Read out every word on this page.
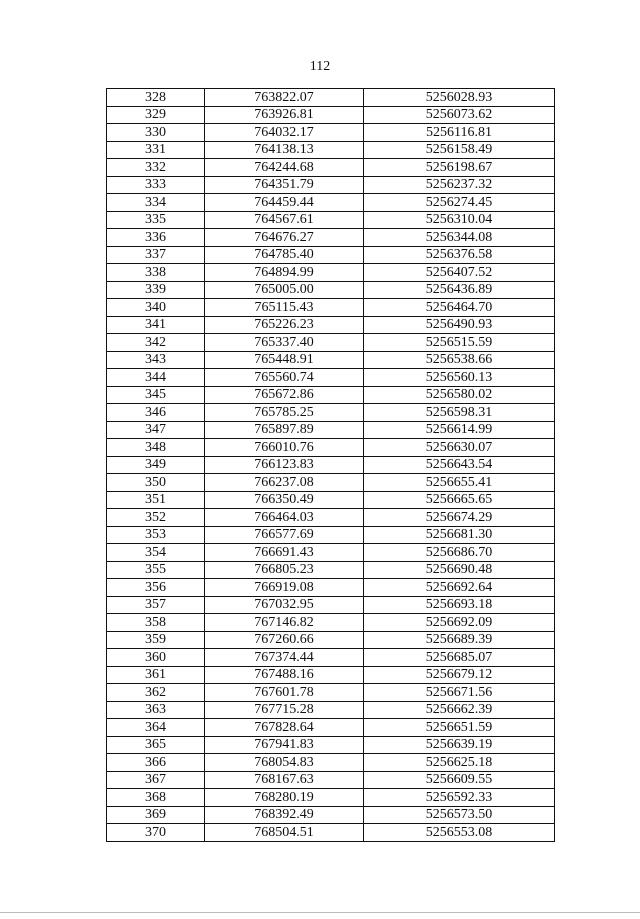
112
328	763822.07	5256028.93
329	763926.81	5256073.62
330	764032.17	5256116.81
331	764138.13	5256158.49
332	764244.68	5256198.67
333	764351.79	5256237.32
334	764459.44	5256274.45
335	764567.61	5256310.04
336	764676.27	5256344.08
337	764785.40	5256376.58
338	764894.99	5256407.52
339	765005.00	5256436.89
340	765115.43	5256464.70
341	765226.23	5256490.93
342	765337.40	5256515.59
343	765448.91	5256538.66
344	765560.74	5256560.13
345	765672.86	5256580.02
346	765785.25	5256598.31
347	765897.89	5256614.99
348	766010.76	5256630.07
349	766123.83	5256643.54
350	766237.08	5256655.41
351	766350.49	5256665.65
352	766464.03	5256674.29
353	766577.69	5256681.30
354	766691.43	5256686.70
355	766805.23	5256690.48
356	766919.08	5256692.64
357	767032.95	5256693.18
358	767146.82	5256692.09
359	767260.66	5256689.39
360	767374.44	5256685.07
361	767488.16	5256679.12
362	767601.78	5256671.56
363	767715.28	5256662.39
364	767828.64	5256651.59
365	767941.83	5256639.19
366	768054.83	5256625.18
367	768167.63	5256609.55
368	768280.19	5256592.33
369	768392.49	5256573.50
370	768504.51	5256553.08
